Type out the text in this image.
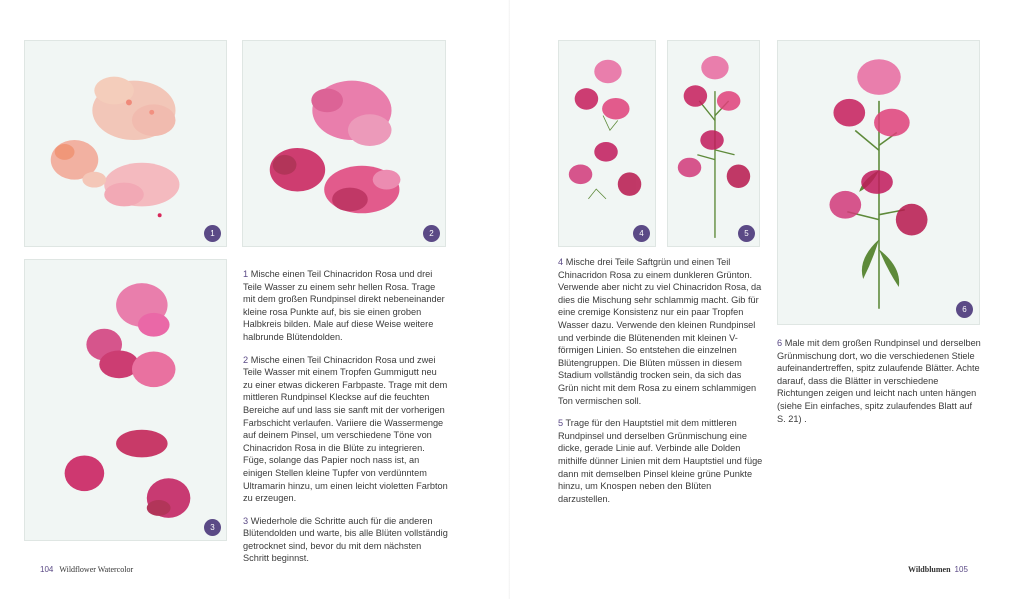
1	2
3

1 Mische einen Teil Chinacridon Rosa und drei Teile Wasser zu einem sehr hellen Rosa. Trage mit dem großen Rundpinsel direkt nebeneinander kleine rosa Punkte auf, bis sie einen groben Halbkreis bilden. Male auf diese Weise weitere halbrunde Blütendolden.

2 Mische einen Teil Chinacridon Rosa und zwei Teile Wasser mit einem Tropfen Gummigutt neu zu einer etwas dickeren Farbpaste. Trage mit dem mittleren Rundpinsel Kleckse auf die feuchten Bereiche auf und lass sie sanft mit der vorherigen Farbschicht verlaufen. Variiere die Wassermenge auf deinem Pinsel, um verschiedene Töne von Chinacridon Rosa in die Blüte zu integrieren. Füge, solange das Papier noch nass ist, an einigen Stellen kleine Tupfer von verdünntem Ultramarin hinzu, um einen leicht violetten Farbton zu erzeugen.

3 Wiederhole die Schritte auch für die anderen Blütendolden und warte, bis alle Blüten vollständig getrocknet sind, bevor du mit dem nächsten Schritt beginnst.

104 Wildflower Watercolor
4	5
6

4 Mische drei Teile Saftgrün und einen Teil Chinacridon Rosa zu einem dunkleren Grünton. Verwende aber nicht zu viel Chinacridon Rosa, da dies die Mischung sehr schlammig macht. Gib für eine cremige Konsistenz nur ein paar Tropfen Wasser dazu. Verwende den kleinen Rundpinsel und verbinde die Blütenenden mit kleinen V-förmigen Linien. So entstehen die einzelnen Blütengruppen. Die Blüten müssen in diesem Stadium vollständig trocken sein, da sich das Grün nicht mit dem Rosa zu einem schlammigen Ton vermischen soll.

5 Trage für den Hauptstiel mit dem mittleren Rundpinsel und derselben Grünmischung eine dicke, gerade Linie auf. Verbinde alle Dolden mithilfe dünner Linien mit dem Hauptstiel und füge dann mit demselben Pinsel kleine grüne Punkte hinzu, um Knospen neben den Blüten darzustellen.

6 Male mit dem großen Rundpinsel und derselben Grünmischung dort, wo die verschiedenen Stiele aufeinandertreffen, spitz zulaufende Blätter. Achte darauf, dass die Blätter in verschiedene Richtungen zeigen und leicht nach unten hängen (siehe Ein einfaches, spitz zulaufendes Blatt auf S. 21) .

Wildblumen 105
